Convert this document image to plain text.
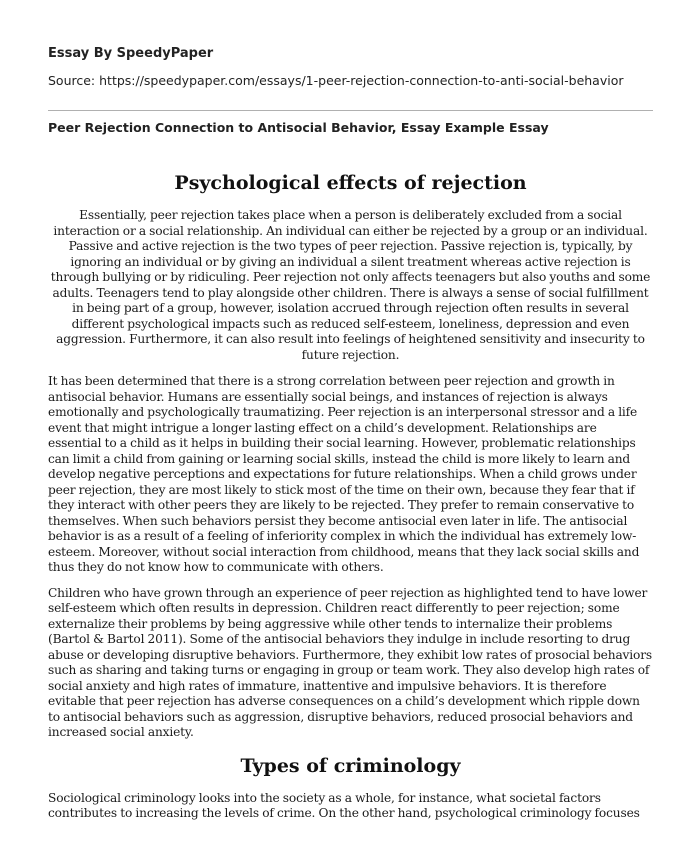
Essay By SpeedyPaper
Source: https://speedypaper.com/essays/1-peer-rejection-connection-to-anti-social-behavior
Peer Rejection Connection to Antisocial Behavior, Essay Example Essay
Psychological effects of rejection

Essentially, peer rejection takes place when a person is deliberately excluded from a social interaction or a social relationship. An individual can either be rejected by a group or an individual. Passive and active rejection is the two types of peer rejection. Passive rejection is, typically, by ignoring an individual or by giving an individual a silent treatment whereas active rejection is through bullying or by ridiculing. Peer rejection not only affects teenagers but also youths and some adults. Teenagers tend to play alongside other children. There is always a sense of social fulfillment in being part of a group, however, isolation accrued through rejection often results in several different psychological impacts such as reduced self-esteem, loneliness, depression and even aggression. Furthermore, it can also result into feelings of heightened sensitivity and insecurity to future rejection.

It has been determined that there is a strong correlation between peer rejection and growth in antisocial behavior. Humans are essentially social beings, and instances of rejection is always emotionally and psychologically traumatizing. Peer rejection is an interpersonal stressor and a life event that might intrigue a longer lasting effect on a child’s development. Relationships are essential to a child as it helps in building their social learning. However, problematic relationships can limit a child from gaining or learning social skills, instead the child is more likely to learn and develop negative perceptions and expectations for future relationships. When a child grows under peer rejection, they are most likely to stick most of the time on their own, because they fear that if they interact with other peers they are likely to be rejected. They prefer to remain conservative to themselves. When such behaviors persist they become antisocial even later in life. The antisocial behavior is as a result of a feeling of inferiority complex in which the individual has extremely low-esteem. Moreover, without social interaction from childhood, means that they lack social skills and thus they do not know how to communicate with others.

Children who have grown through an experience of peer rejection as highlighted tend to have lower self-esteem which often results in depression. Children react differently to peer rejection; some externalize their problems by being aggressive while other tends to internalize their problems (Bartol & Bartol 2011). Some of the antisocial behaviors they indulge in include resorting to drug abuse or developing disruptive behaviors. Furthermore, they exhibit low rates of prosocial behaviors such as sharing and taking turns or engaging in group or team work. They also develop high rates of social anxiety and high rates of immature, inattentive and impulsive behaviors. It is therefore evitable that peer rejection has adverse consequences on a child’s development which ripple down to antisocial behaviors such as aggression, disruptive behaviors, reduced prosocial behaviors and increased social anxiety.

Types of criminology

Sociological criminology looks into the society as a whole, for instance, what societal factors contributes to increasing the levels of crime. On the other hand, psychological criminology focuses
